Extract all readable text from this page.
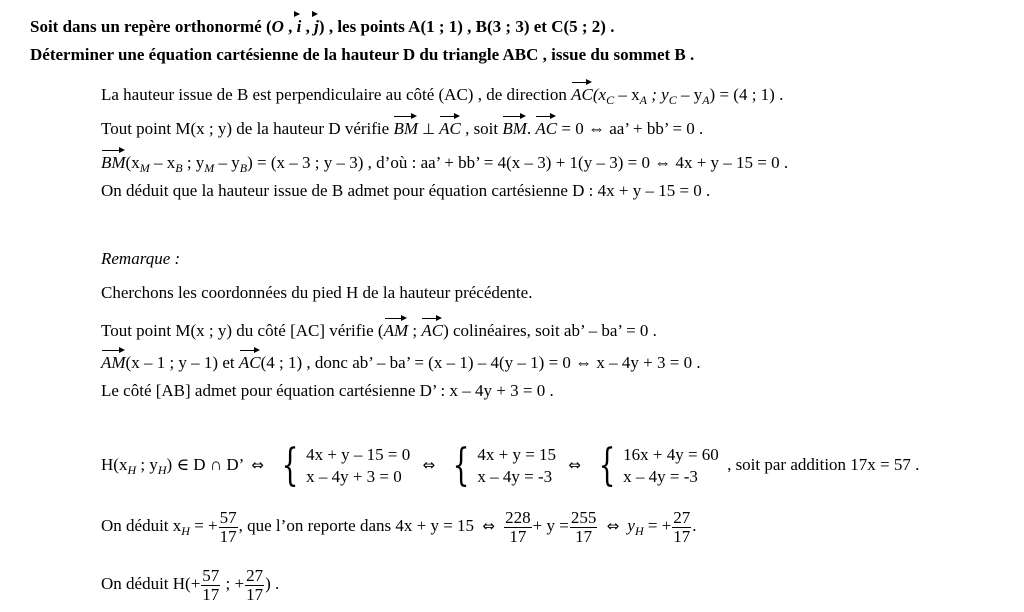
Soit dans un repère orthonormé (O , i , j) , les points A(1 ; 1) , B(3 ; 3) et C(5 ; 2) .
Déterminer une équation cartésienne de la hauteur D du triangle ABC , issue du sommet B .
La hauteur issue de B est perpendiculaire au côté (AC) , de direction $AC(x_C - x_A$ ; $y_C - y_A) = (4$ ; 1) .
Tout point M(x ; y) de la hauteur D vérifie BM ⊥ AC , soit BM. AC = 0 ⇔ aa’ + bb’ = 0 .
$BM(x_M - x_B$ ; $y_M - y_B) = (x - 3$ ; y – 3) , d’où : aa’ + bb’ = 4(x – 3) + 1(y – 3) = 0 ⇔ 4x + y – 15 = 0 .
On déduit que la hauteur issue de B admet pour équation cartésienne D : 4x + y – 15 = 0 .
Remarque :
Cherchons les coordonnées du pied H de la hauteur précédente.
Tout point M(x ; y) du côté [AC] vérifie (AM ; AC) colinéaires, soit ab’ – ba’ = 0 .
AM(x – 1 ; y – 1) et AC(4 ; 1) , donc ab’ – ba’ = (x – 1) – 4(y – 1) = 0 ⇔ x – 4y + 3 = 0 .
Le côté [AB] admet pour équation cartésienne D’ : x – 4y + 3 = 0 .
$H(x_H$ ; $y_H$) ∈ D ∩ D’ ⇔ { 4x + y – 15 = 0
x – 4y + 3 = 0
⇔ { 4x + y = 15
x – 4y = -3
⇔ { 16x + 4y = 60
x – 4y = -3
, soit par addition 17x = 57 .
On déduit $x_H$ = + $\frac{57}{17}$ , que l’on reporte dans 4x + y = 15 ⇔ $\frac{228}{17} + y = \frac{255}{17}$ ⇔ $y_H$ = + $\frac{27}{17}$ .
On déduit $H(+ \frac{57}{17}$ ; + $\frac{27}{17}$ ) .
